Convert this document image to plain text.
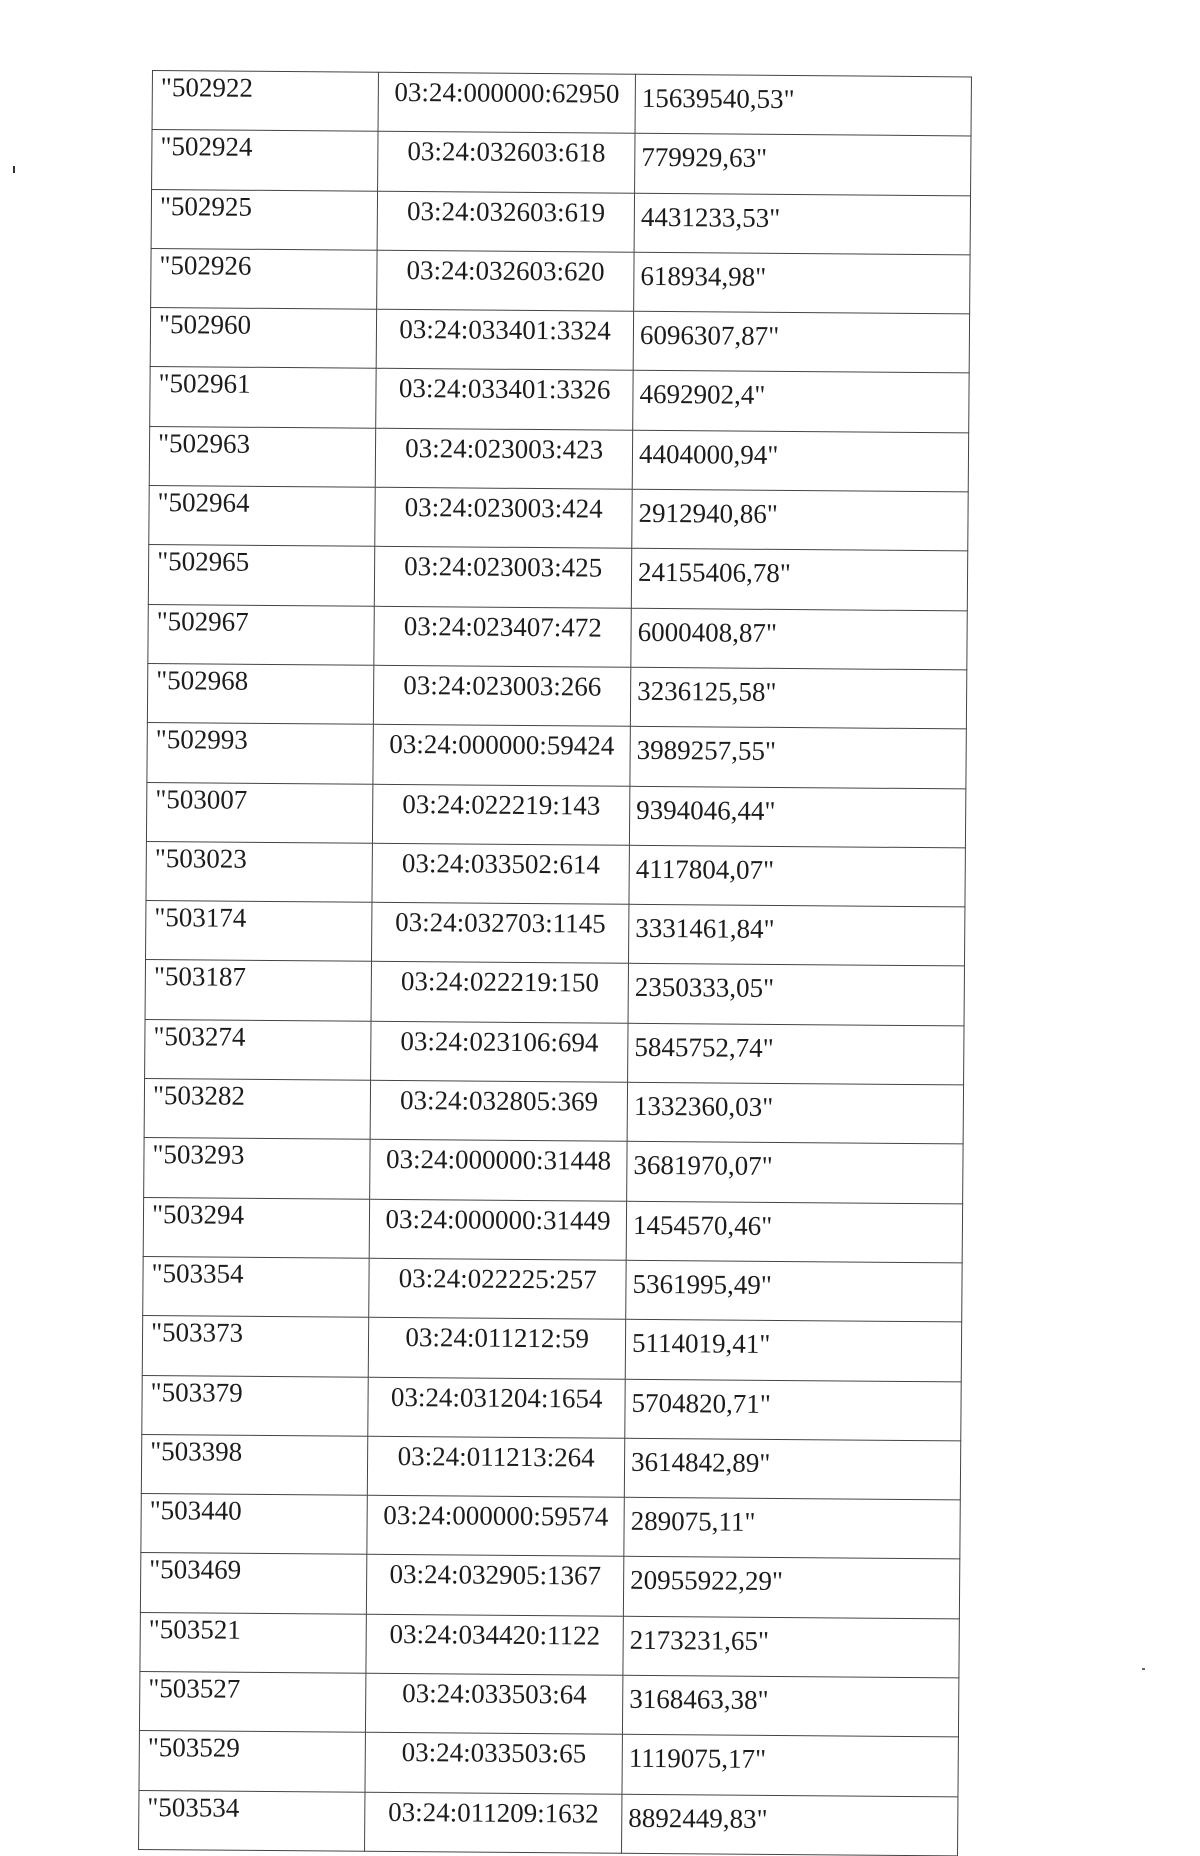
"502922	03:24:000000:62950	15639540,53"
"502924	03:24:032603:618	779929,63"
"502925	03:24:032603:619	4431233,53"
"502926	03:24:032603:620	618934,98"
"502960	03:24:033401:3324	6096307,87"
"502961	03:24:033401:3326	4692902,4"
"502963	03:24:023003:423	4404000,94"
"502964	03:24:023003:424	2912940,86"
"502965	03:24:023003:425	24155406,78"
"502967	03:24:023407:472	6000408,87"
"502968	03:24:023003:266	3236125,58"
"502993	03:24:000000:59424	3989257,55"
"503007	03:24:022219:143	9394046,44"
"503023	03:24:033502:614	4117804,07"
"503174	03:24:032703:1145	3331461,84"
"503187	03:24:022219:150	2350333,05"
"503274	03:24:023106:694	5845752,74"
"503282	03:24:032805:369	1332360,03"
"503293	03:24:000000:31448	3681970,07"
"503294	03:24:000000:31449	1454570,46"
"503354	03:24:022225:257	5361995,49"
"503373	03:24:011212:59	5114019,41"
"503379	03:24:031204:1654	5704820,71"
"503398	03:24:011213:264	3614842,89"
"503440	03:24:000000:59574	289075,11"
"503469	03:24:032905:1367	20955922,29"
"503521	03:24:034420:1122	2173231,65"
"503527	03:24:033503:64	3168463,38"
"503529	03:24:033503:65	1119075,17"
"503534	03:24:011209:1632	8892449,83"
